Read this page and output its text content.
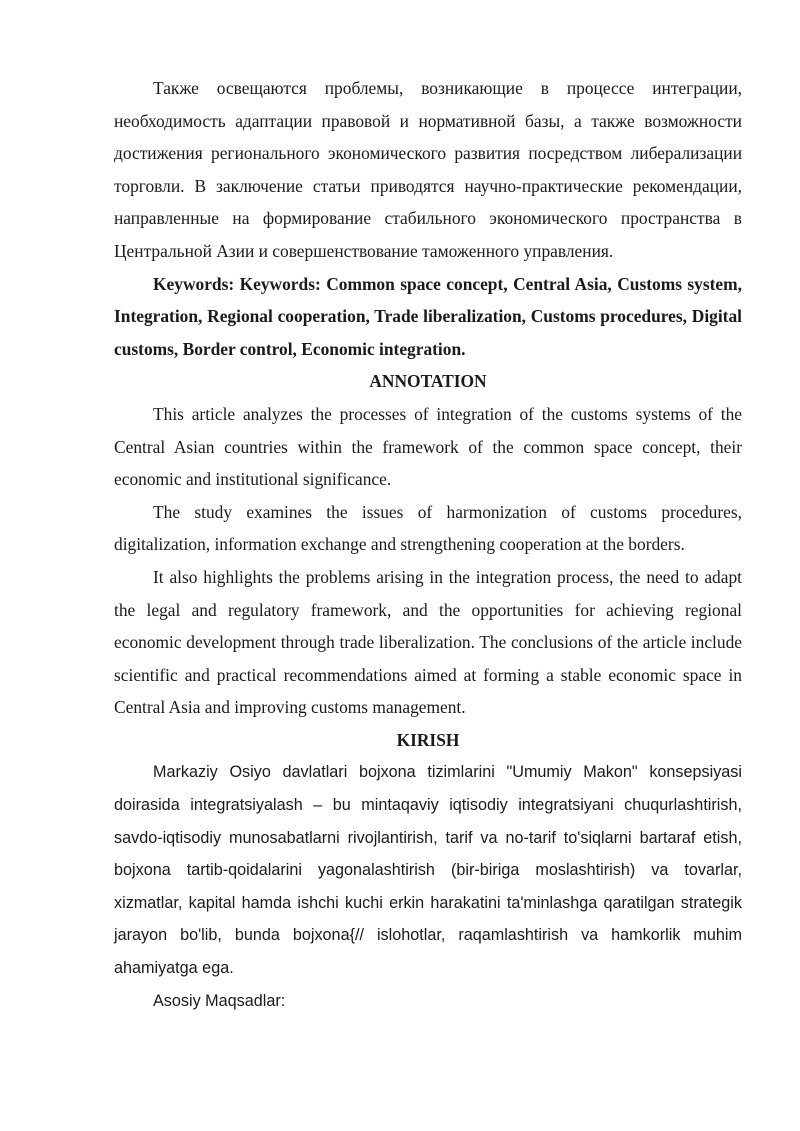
Также освещаются проблемы, возникающие в процессе интеграции, необходимость адаптации правовой и нормативной базы, а также возможности достижения регионального экономического развития посредством либерализации торговли. В заключение статьи приводятся научно-практические рекомендации, направленные на формирование стабильного экономического пространства в Центральной Азии и совершенствование таможенного управления.

Keywords: Keywords: Common space concept, Central Asia, Customs system, Integration, Regional cooperation, Trade liberalization, Customs procedures, Digital customs, Border control, Economic integration.

ANNOTATION

This article analyzes the processes of integration of the customs systems of the Central Asian countries within the framework of the common space concept, their economic and institutional significance.

The study examines the issues of harmonization of customs procedures, digitalization, information exchange and strengthening cooperation at the borders.

It also highlights the problems arising in the integration process, the need to adapt the legal and regulatory framework, and the opportunities for achieving regional economic development through trade liberalization. The conclusions of the article include scientific and practical recommendations aimed at forming a stable economic space in Central Asia and improving customs management.

KIRISH

Markaziy Osiyo davlatlari bojxona tizimlarini "Umumiy Makon" konsepsiyasi doirasida integratsiyalash – bu mintaqaviy iqtisodiy integratsiyani chuqurlashtirish, savdo-iqtisodiy munosabatlarni rivojlantirish, tarif va no-tarif to'siqlarni bartaraf etish, bojxona tartib-qoidalarini yagonalashtirish (bir-biriga moslashtirish) va tovarlar, xizmatlar, kapital hamda ishchi kuchi erkin harakatini ta'minlashga qaratilgan strategik jarayon bo'lib, bunda bojxona{// islohotlar, raqamlashtirish va hamkorlik muhim ahamiyatga ega.

Asosiy Maqsadlar:
